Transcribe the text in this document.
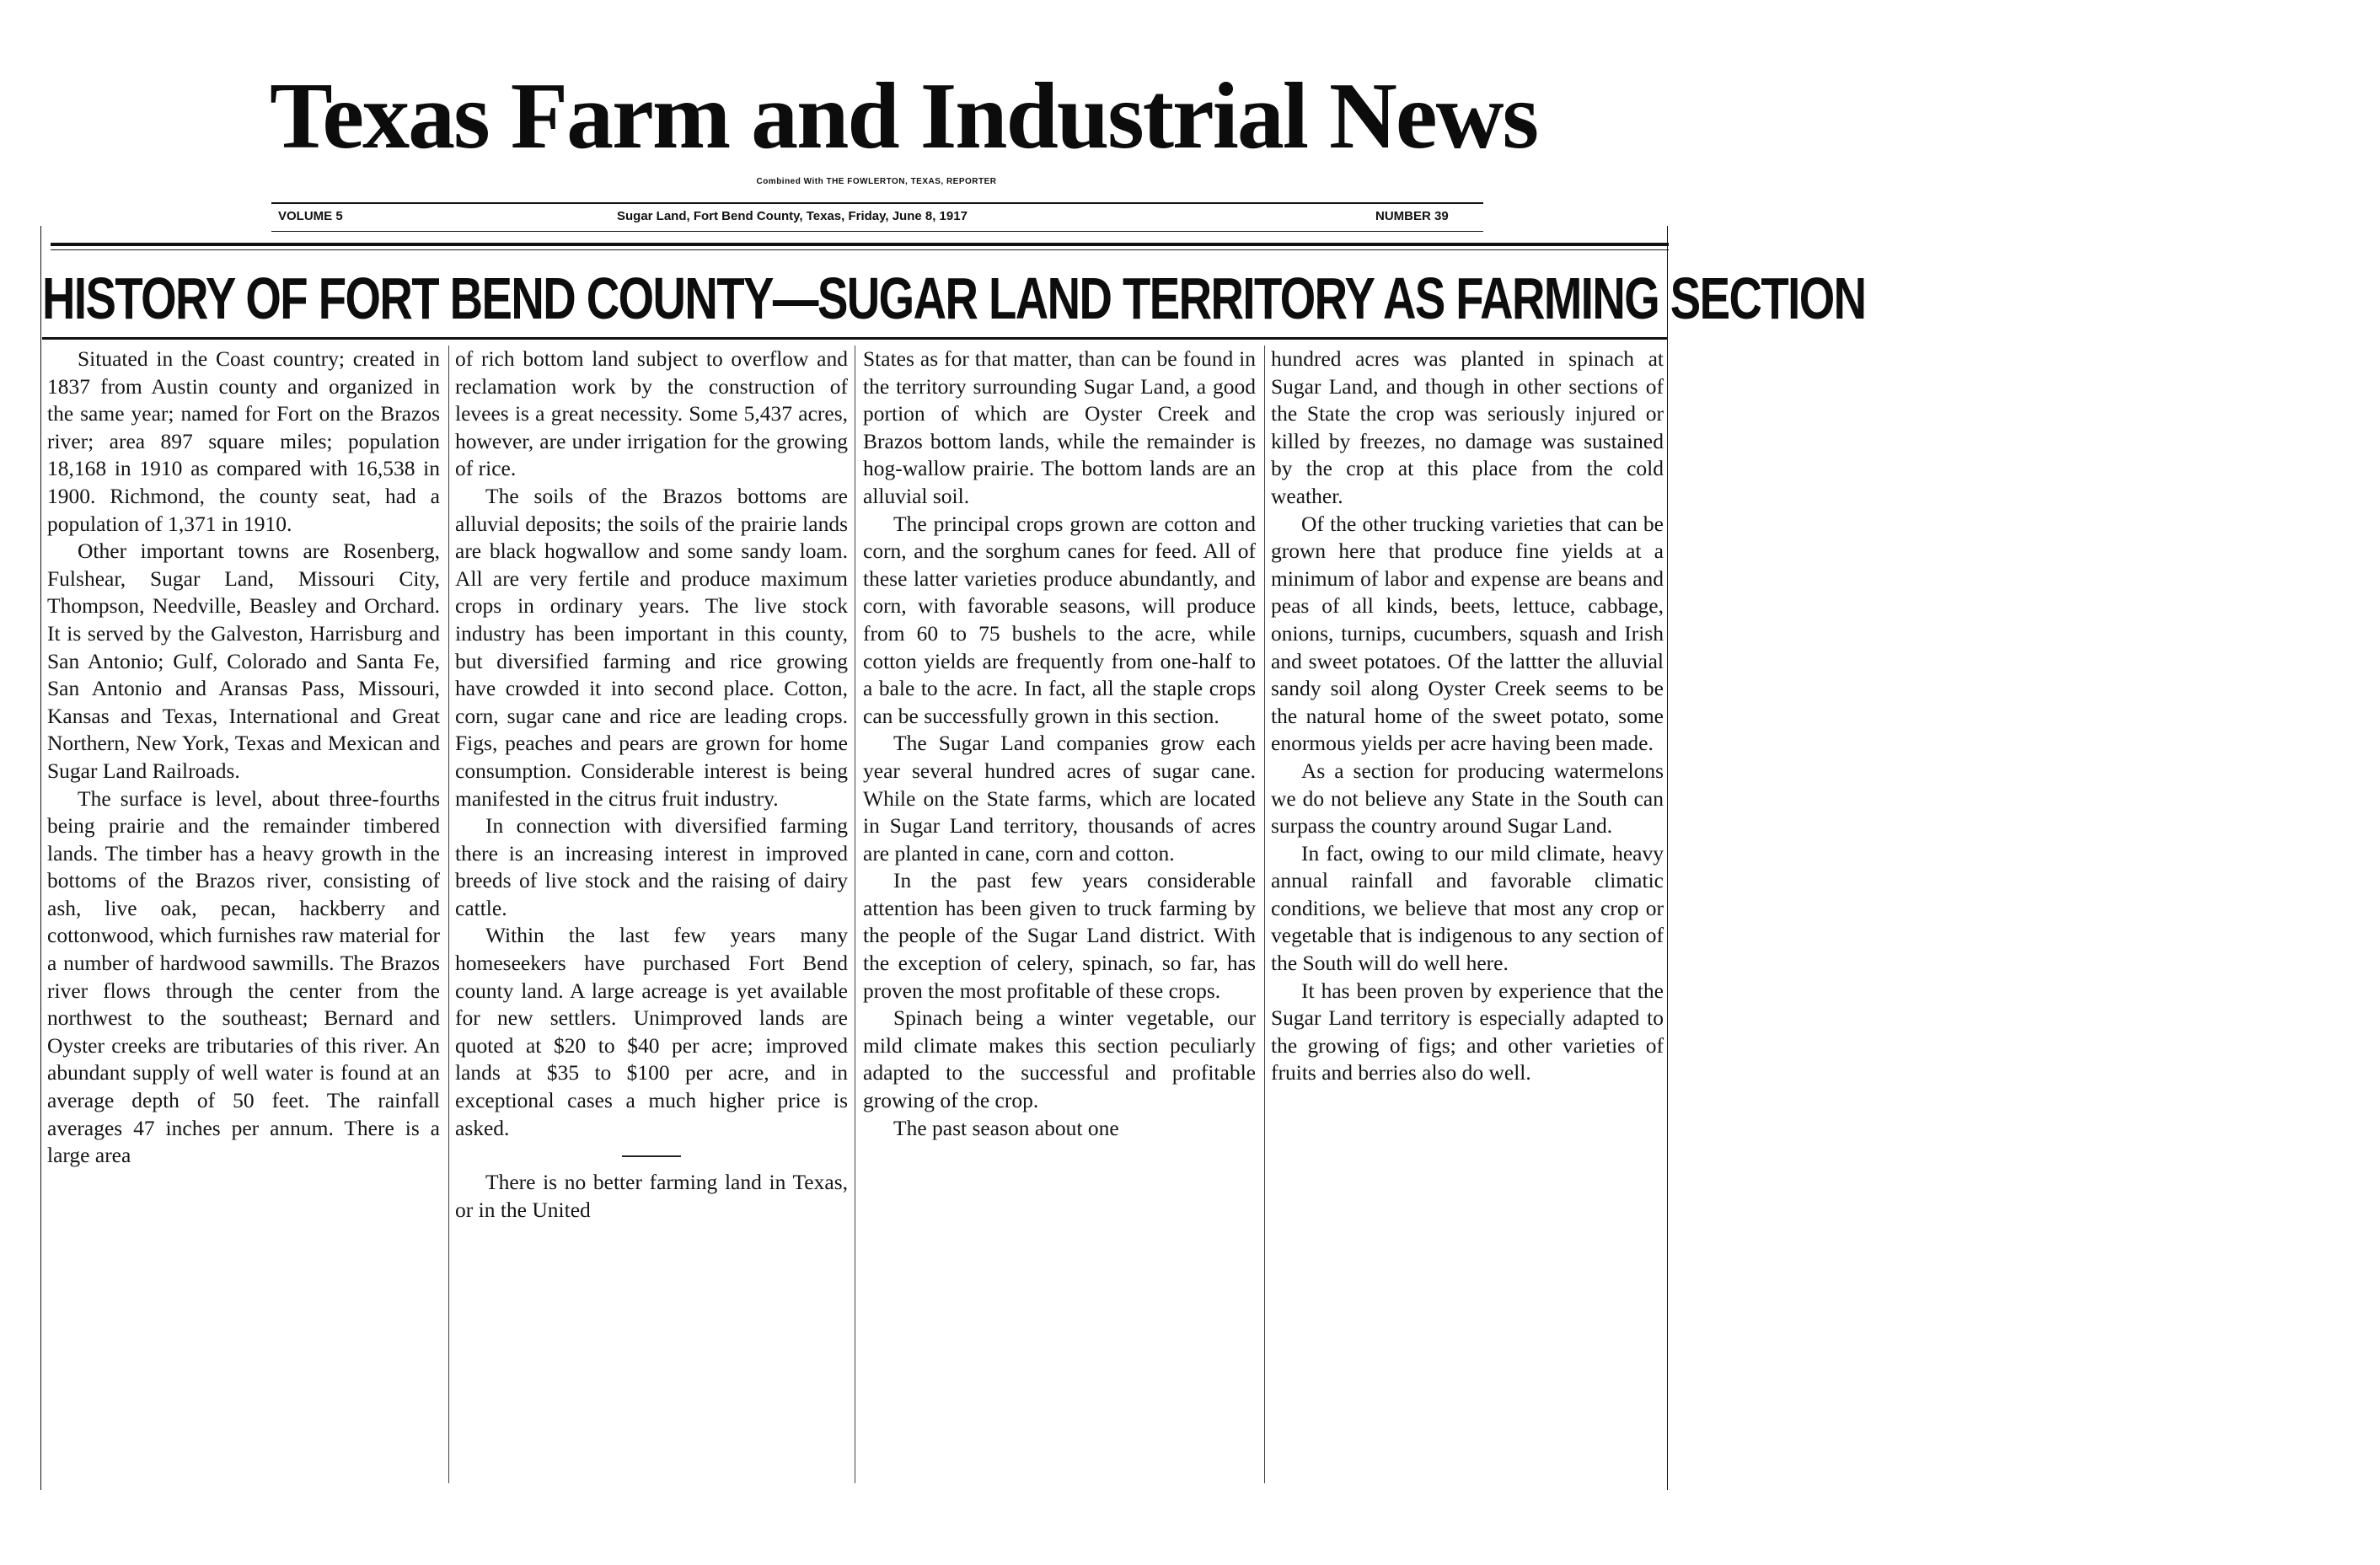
Texas Farm and Industrial News
Combined With THE FOWLERTON, TEXAS, REPORTER
VOLUME 5	Sugar Land, Fort Bend County, Texas, Friday, June 8, 1917	NUMBER 39
HISTORY OF FORT BEND COUNTY—SUGAR LAND TERRITORY AS FARMING SECTION

Situated in the Coast country; created in 1837 from Austin county and organized in the same year; named for Fort on the Brazos river; area 897 square miles; population 18,168 in 1910 as compared with 16,538 in 1900. Richmond, the county seat, had a population of 1,371 in 1910.

Other important towns are Rosenberg, Fulshear, Sugar Land, Missouri City, Thompson, Needville, Beasley and Orchard. It is served by the Galveston, Harrisburg and San Antonio; Gulf, Colorado and Santa Fe, San Antonio and Aransas Pass, Missouri, Kansas and Texas, International and Great Northern, New York, Texas and Mexican and Sugar Land Railroads.

The surface is level, about three-fourths being prairie and the remainder timbered lands. The timber has a heavy growth in the bottoms of the Brazos river, consisting of ash, live oak, pecan, hackberry and cottonwood, which furnishes raw material for a number of hardwood sawmills. The Brazos river flows through the center from the northwest to the southeast; Bernard and Oyster creeks are tributaries of this river. An abundant supply of well water is found at an average depth of 50 feet. The rainfall averages 47 inches per annum. There is a large area

of rich bottom land subject to overflow and reclamation work by the construction of levees is a great necessity. Some 5,437 acres, however, are under irrigation for the growing of rice.

The soils of the Brazos bottoms are alluvial deposits; the soils of the prairie lands are black hogwallow and some sandy loam. All are very fertile and produce maximum crops in ordinary years. The live stock industry has been important in this county, but diversified farming and rice growing have crowded it into second place. Cotton, corn, sugar cane and rice are leading crops. Figs, peaches and pears are grown for home consumption. Considerable interest is being manifested in the citrus fruit industry.

In connection with diversified farming there is an increasing interest in improved breeds of live stock and the raising of dairy cattle.

Within the last few years many homeseekers have purchased Fort Bend county land. A large acreage is yet available for new settlers. Unimproved lands are quoted at $20 to $40 per acre; improved lands at $35 to $100 per acre, and in exceptional cases a much higher price is asked.

There is no better farming land in Texas, or in the United

States as for that matter, than can be found in the territory surrounding Sugar Land, a good portion of which are Oyster Creek and Brazos bottom lands, while the remainder is hog-wallow prairie. The bottom lands are an alluvial soil.

The principal crops grown are cotton and corn, and the sorghum canes for feed. All of these latter varieties produce abundantly, and corn, with favorable seasons, will produce from 60 to 75 bushels to the acre, while cotton yields are frequently from one-half to a bale to the acre. In fact, all the staple crops can be successfully grown in this section.

The Sugar Land companies grow each year several hundred acres of sugar cane. While on the State farms, which are located in Sugar Land territory, thousands of acres are planted in cane, corn and cotton.

In the past few years considerable attention has been given to truck farming by the people of the Sugar Land district. With the exception of celery, spinach, so far, has proven the most profitable of these crops.

Spinach being a winter vegetable, our mild climate makes this section peculiarly adapted to the successful and profitable growing of the crop.

The past season about one

hundred acres was planted in spinach at Sugar Land, and though in other sections of the State the crop was seriously injured or killed by freezes, no damage was sustained by the crop at this place from the cold weather.

Of the other trucking varieties that can be grown here that produce fine yields at a minimum of labor and expense are beans and peas of all kinds, beets, lettuce, cabbage, onions, turnips, cucumbers, squash and Irish and sweet potatoes. Of the lattter the alluvial sandy soil along Oyster Creek seems to be the natural home of the sweet potato, some enormous yields per acre having been made.

As a section for producing watermelons we do not believe any State in the South can surpass the country around Sugar Land.

In fact, owing to our mild climate, heavy annual rainfall and favorable climatic conditions, we believe that most any crop or vegetable that is indigenous to any section of the South will do well here.

It has been proven by experience that the Sugar Land territory is especially adapted to the growing of figs; and other varieties of fruits and berries also do well.
